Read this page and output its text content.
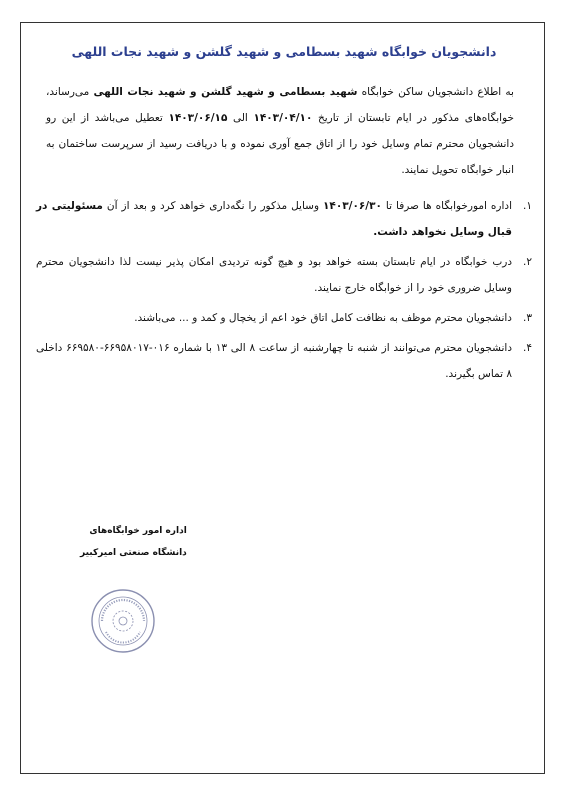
دانشجویان خوابگاه شهید بسطامی و شهید گلشن و شهید نجات اللهی

به اطلاع دانشجویان ساکن خوابگاه شهید بسطامی و شهید گلشن و شهید نجات اللهی می‌رساند، خوابگاه‌های مذکور در ایام تابستان از تاریخ ۱۴۰۳/۰۴/۱۰ الی ۱۴۰۳/۰۶/۱۵ تعطیل می‌باشد از این رو دانشجویان محترم تمام وسایل خود را از اتاق جمع آوری نموده و با دریافت رسید از سرپرست ساختمان به انبار خوابگاه تحویل نمایند.

۱.
اداره امورخوابگاه ها صرفا تا ۱۴۰۳/۰۶/۳۰ وسایل مذکور را نگه‌داری خواهد کرد و بعد از آن مسئولیتی در قبال وسایل نخواهد داشت.
۲.
درب خوابگاه در ایام تابستان بسته خواهد بود و هیچ گونه تردیدی امکان پذیر نیست لذا دانشجویان محترم وسایل ضروری خود را از خوابگاه خارج نمایند.
۳.
دانشجویان محترم موظف به نظافت کامل اتاق خود اعم از یخچال و کمد و ... می‌باشند.
۴.
دانشجویان محترم می‌توانند از شنبه تا چهارشنبه از ساعت ۸ الی ۱۳ با شماره ۰۱۶-۶۶۹۵۸۰۱۷-۶۶۹۵۸۰ داخلی ۸ تماس بگیرند.
اداره امور خوابگاه‌های
دانشگاه صنعتی امیرکبیر
